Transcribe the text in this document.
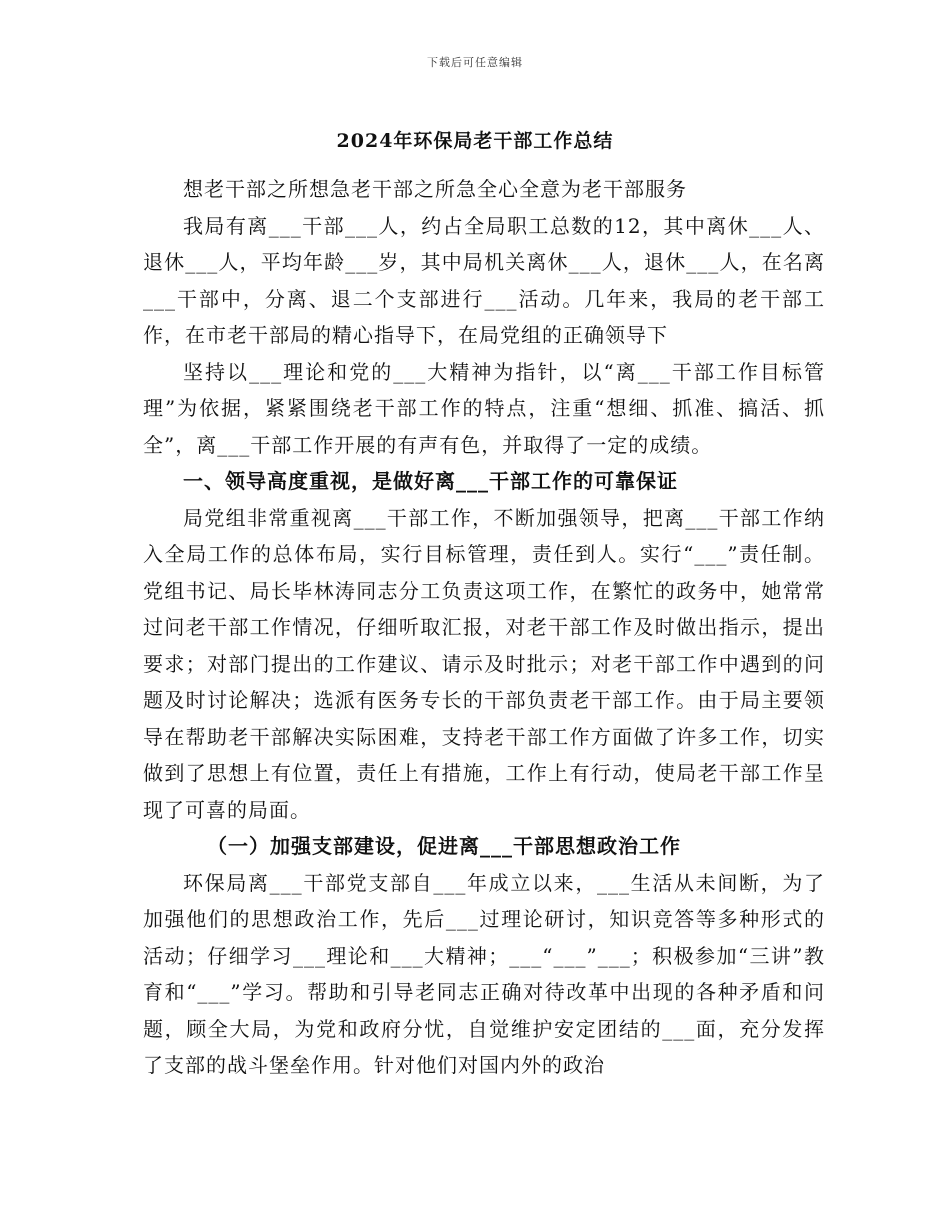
下载后可任意编辑
2024年环保局老干部工作总结

想老干部之所想急老干部之所急全心全意为老干部服务

我局有离___干部___人，约占全局职工总数的12，其中离休___人、退休___人，平均年龄___岁，其中局机关离休___人，退休___人，在名离___干部中，分离、退二个支部进行___活动。几年来，我局的老干部工作，在市老干部局的精心指导下，在局党组的正确领导下

坚持以___理论和党的___大精神为指针，以“离___干部工作目标管理”为依据，紧紧围绕老干部工作的特点，注重“想细、抓准、搞活、抓全”，离___干部工作开展的有声有色，并取得了一定的成绩。

一、领导高度重视，是做好离___干部工作的可靠保证

局党组非常重视离___干部工作，不断加强领导，把离___干部工作纳入全局工作的总体布局，实行目标管理，责任到人。实行“___”责任制。党组书记、局长毕林涛同志分工负责这项工作，在繁忙的政务中，她常常过问老干部工作情况，仔细听取汇报，对老干部工作及时做出指示，提出要求；对部门提出的工作建议、请示及时批示；对老干部工作中遇到的问题及时讨论解决；选派有医务专长的干部负责老干部工作。由于局主要领导在帮助老干部解决实际困难，支持老干部工作方面做了许多工作，切实做到了思想上有位置，责任上有措施，工作上有行动，使局老干部工作呈现了可喜的局面。

（一）加强支部建设，促进离___干部思想政治工作

环保局离___干部党支部自___年成立以来，___生活从未间断，为了加强他们的思想政治工作，先后___过理论研讨，知识竞答等多种形式的活动；仔细学习___理论和___大精神；___“___”___；积极参加“三讲”教育和“___”学习。帮助和引导老同志正确对待改革中出现的各种矛盾和问题，顾全大局，为党和政府分忧，自觉维护安定团结的___面，充分发挥了支部的战斗堡垒作用。针对他们对国内外的政治
